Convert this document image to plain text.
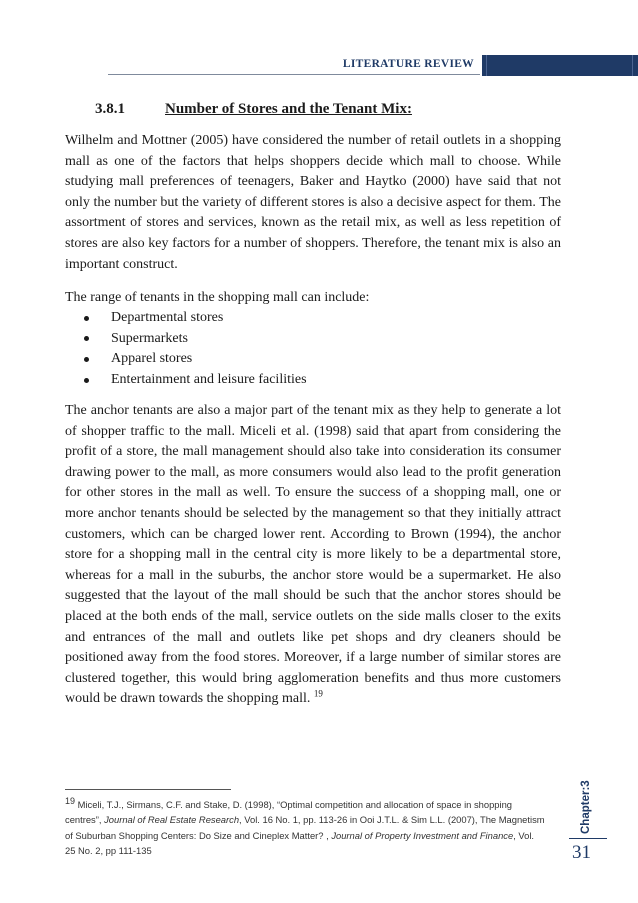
LITERATURE REVIEW
3.8.1	Number of Stores and the Tenant Mix:

Wilhelm and Mottner (2005) have considered the number of retail outlets in a shopping mall as one of the factors that helps shoppers decide which mall to choose. While studying mall preferences of teenagers, Baker and Haytko (2000) have said that not only the number but the variety of different stores is also a decisive aspect for them. The assortment of stores and services, known as the retail mix, as well as less repetition of stores are also key factors for a number of shoppers. Therefore, the tenant mix is also an important construct.

The range of tenants in the shopping mall can include:

Departmental stores
Supermarkets
Apparel stores
Entertainment and leisure facilities

The anchor tenants are also a major part of the tenant mix as they help to generate a lot of shopper traffic to the mall. Miceli et al. (1998) said that apart from considering the profit of a store, the mall management should also take into consideration its consumer drawing power to the mall, as more consumers would also lead to the profit generation for other stores in the mall as well. To ensure the success of a shopping mall, one or more anchor tenants should be selected by the management so that they initially attract customers, which can be charged lower rent. According to Brown (1994), the anchor store for a shopping mall in the central city is more likely to be a departmental store, whereas for a mall in the suburbs, the anchor store would be a supermarket. He also suggested that the layout of the mall should be such that the anchor stores should be placed at the both ends of the mall, service outlets on the side malls closer to the exits and entrances of the mall and outlets like pet shops and dry cleaners should be positioned away from the food stores. Moreover, if a large number of similar stores are clustered together, this would bring agglomeration benefits and thus more customers would be drawn towards the shopping mall. $^{19}$

19 Miceli, T.J., Sirmans, C.F. and Stake, D. (1998), “Optimal competition and allocation of space in shopping centres”, Journal of Real Estate Research, Vol. 16 No. 1, pp. 113-26 in Ooi J.T.L. & Sim L.L. (2007), The Magnetism of Suburban Shopping Centers: Do Size and Cineplex Matter? , Journal of Property Investment and Finance, Vol. 25 No. 2, pp 111-135
Chapter:3
31
